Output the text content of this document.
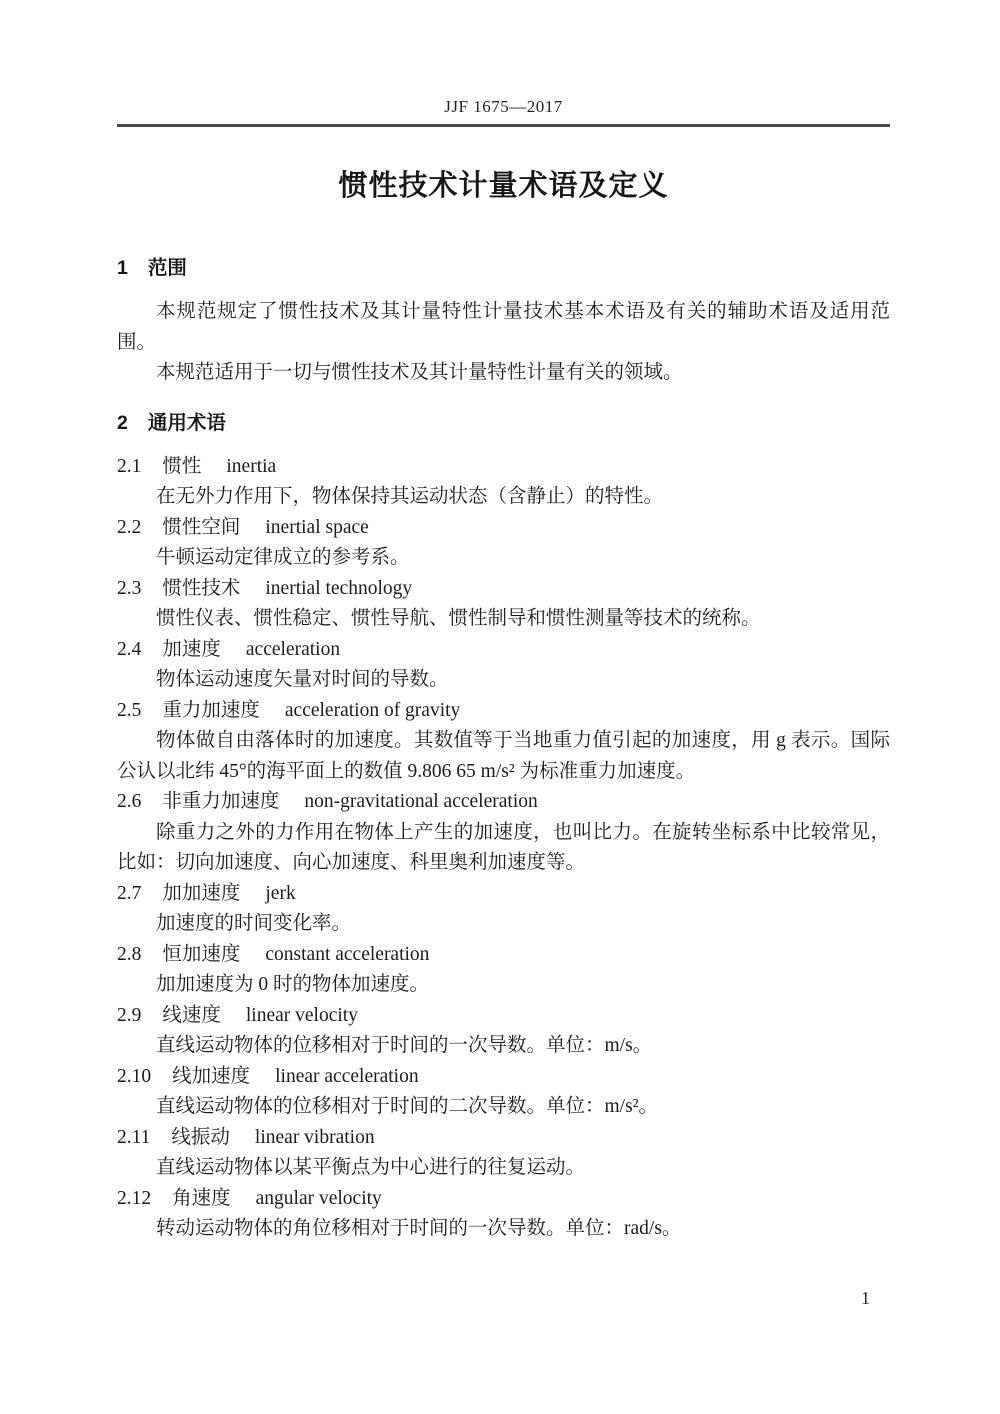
JJF 1675—2017
惯性技术计量术语及定义
1 范围

本规范规定了惯性技术及其计量特性计量技术基本术语及有关的辅助术语及适用范围。

本规范适用于一切与惯性技术及其计量特性计量有关的领域。

2 通用术语
2.1 惯性 inertia

在无外力作用下，物体保持其运动状态（含静止）的特性。

2.2 惯性空间 inertial space

牛顿运动定律成立的参考系。

2.3 惯性技术 inertial technology

惯性仪表、惯性稳定、惯性导航、惯性制导和惯性测量等技术的统称。

2.4 加速度 acceleration

物体运动速度矢量对时间的导数。

2.5 重力加速度 acceleration of gravity

物体做自由落体时的加速度。其数值等于当地重力值引起的加速度，用 g 表示。国际公认以北纬 45°的海平面上的数值 9.806 65 m/s² 为标准重力加速度。

2.6 非重力加速度 non-gravitational acceleration

除重力之外的力作用在物体上产生的加速度，也叫比力。在旋转坐标系中比较常见，比如：切向加速度、向心加速度、科里奥利加速度等。

2.7 加加速度 jerk

加速度的时间变化率。

2.8 恒加速度 constant acceleration

加加速度为 0 时的物体加速度。

2.9 线速度 linear velocity

直线运动物体的位移相对于时间的一次导数。单位：m/s。

2.10 线加速度 linear acceleration

直线运动物体的位移相对于时间的二次导数。单位：m/s²。

2.11 线振动 linear vibration

直线运动物体以某平衡点为中心进行的往复运动。

2.12 角速度 angular velocity

转动运动物体的角位移相对于时间的一次导数。单位：rad/s。

1
